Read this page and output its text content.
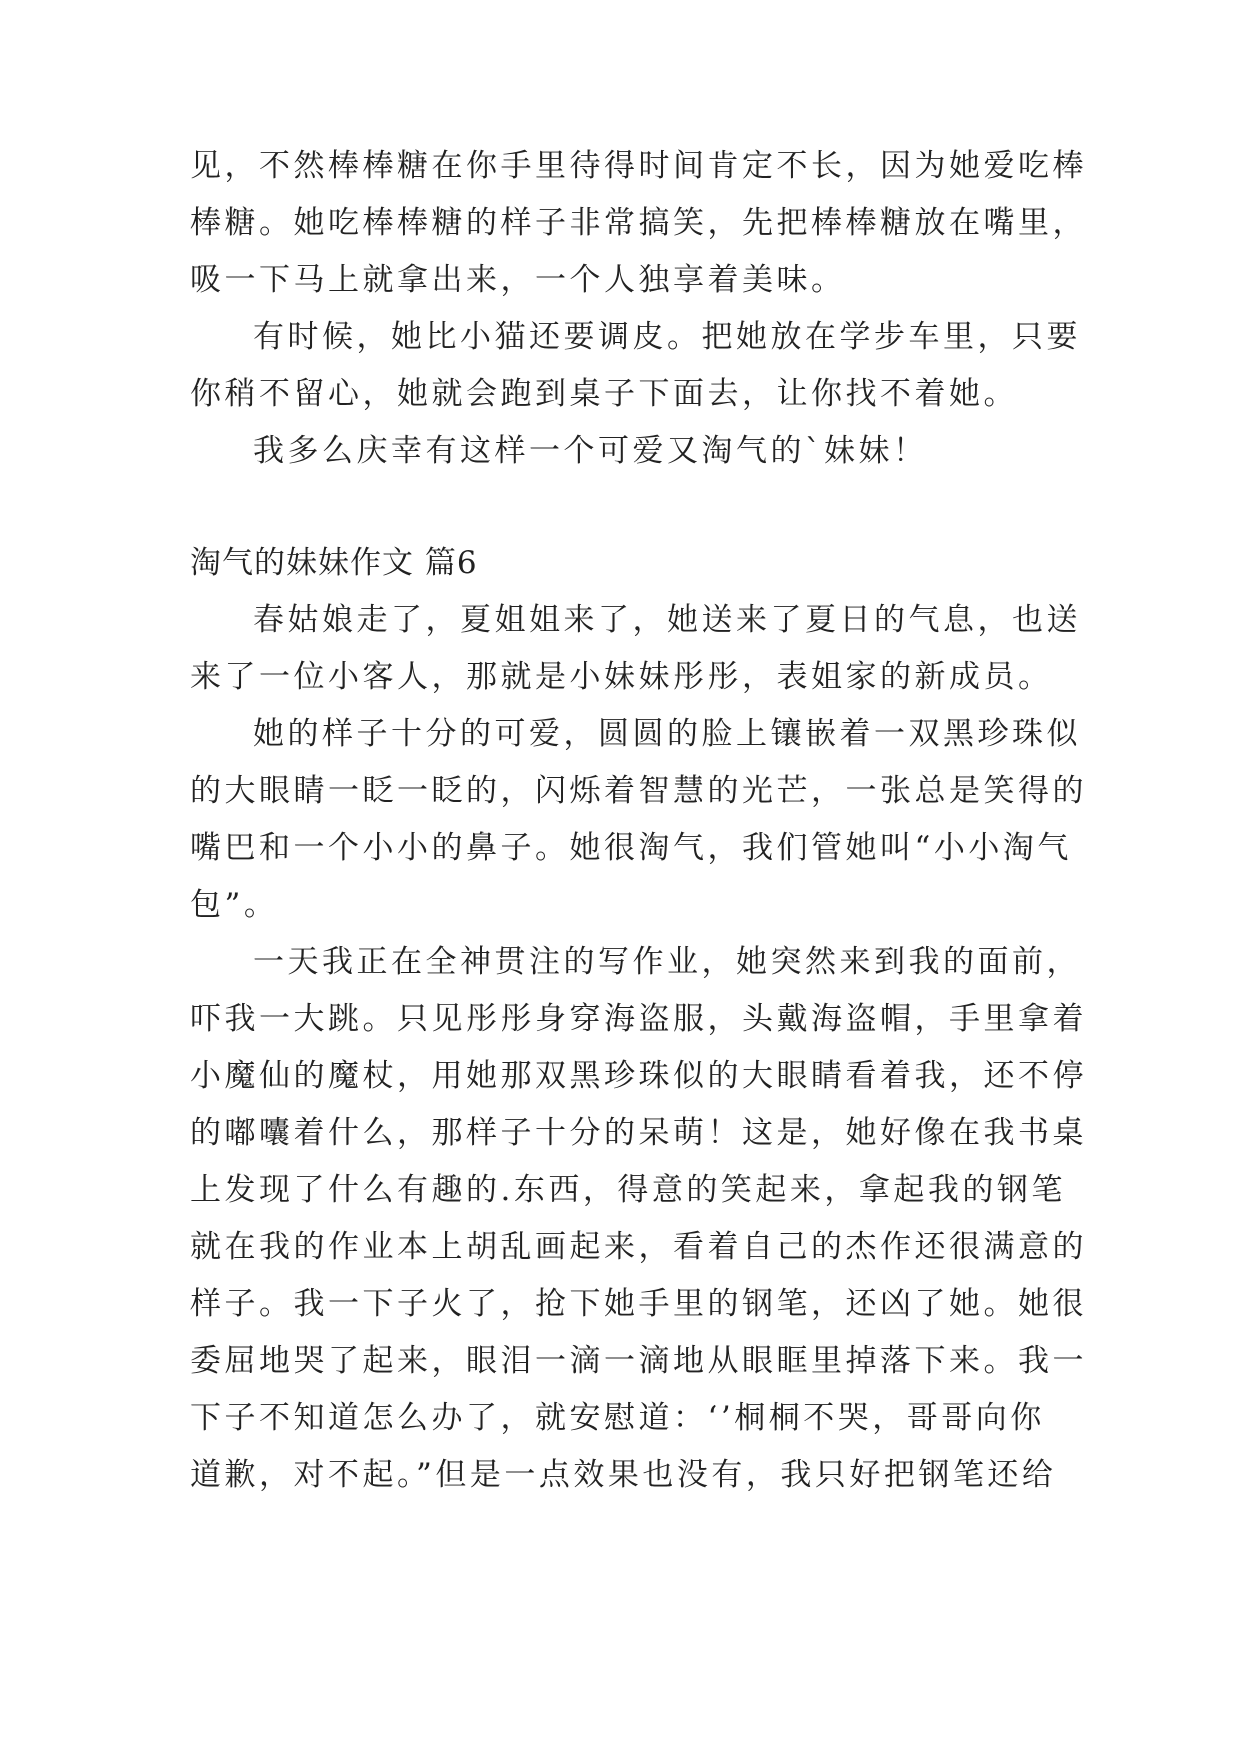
见，不然棒棒糖在你手里待得时间肯定不长，因为她爱吃棒
棒糖。她吃棒棒糖的样子非常搞笑，先把棒棒糖放在嘴里，
吸一下马上就拿出来，一个人独享着美味。
有时候，她比小猫还要调皮。把她放在学步车里，只要
你稍不留心，她就会跑到桌子下面去，让你找不着她。
我多么庆幸有这样一个可爱又淘气的`妹妹！
淘气的妹妹作文 篇6
春姑娘走了，夏姐姐来了，她送来了夏日的气息，也送
来了一位小客人，那就是小妹妹彤彤，表姐家的新成员。
她的样子十分的可爱，圆圆的脸上镶嵌着一双黑珍珠似
的大眼睛一眨一眨的，闪烁着智慧的光芒，一张总是笑得的
嘴巴和一个小小的鼻子。她很淘气，我们管她叫“小小淘气
包”。
一天我正在全神贯注的写作业，她突然来到我的面前，
吓我一大跳。只见彤彤身穿海盗服，头戴海盗帽，手里拿着
小魔仙的魔杖，用她那双黑珍珠似的大眼睛看着我，还不停
的嘟囔着什么，那样子十分的呆萌！这是，她好像在我书桌
上发现了什么有趣的.东西，得意的笑起来，拿起我的钢笔
就在我的作业本上胡乱画起来，看着自己的杰作还很满意的
样子。我一下子火了，抢下她手里的钢笔，还凶了她。她很
委屈地哭了起来，眼泪一滴一滴地从眼眶里掉落下来。我一
下子不知道怎么办了，就安慰道：‘’桐桐不哭，哥哥向你
道歉，对不起。”但是一点效果也没有，我只好把钢笔还给
